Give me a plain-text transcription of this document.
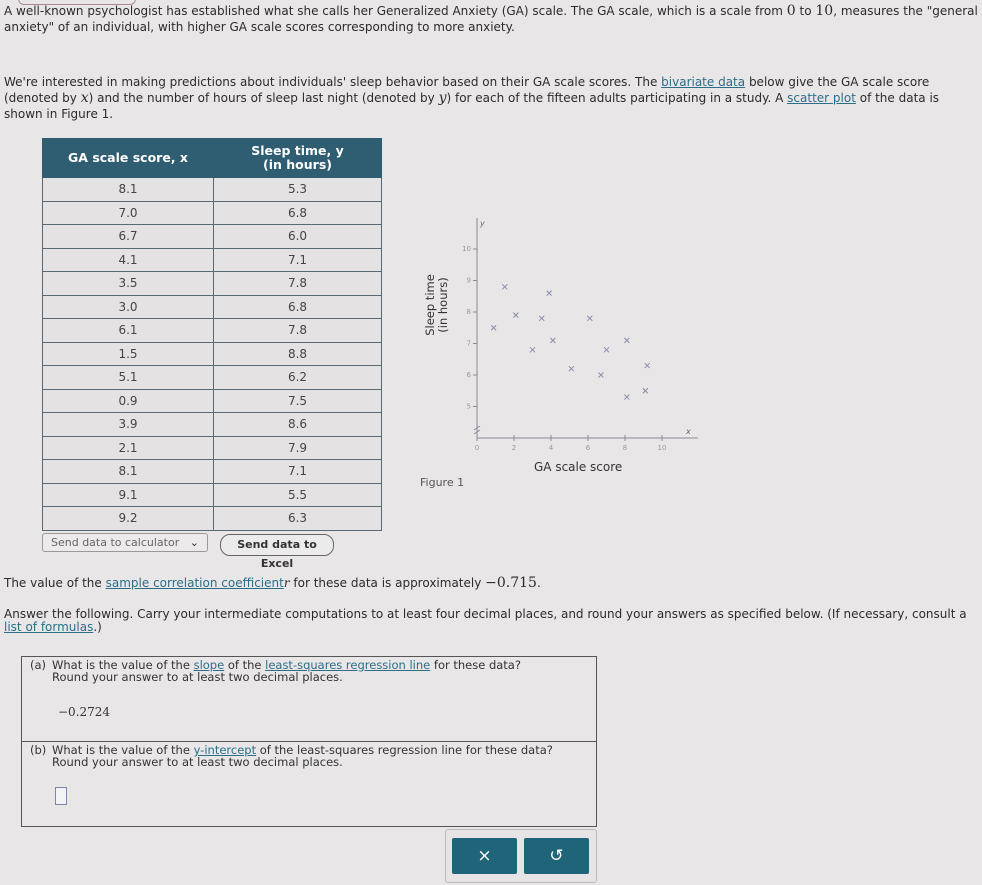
A well-known psychologist has established what she calls her Generalized Anxiety (GA) scale. The GA scale, which is a scale from 0 to 10, measures the "general
anxiety" of an individual, with higher GA scale scores corresponding to more anxiety.
We're interested in making predictions about individuals' sleep behavior based on their GA scale scores. The bivariate data below give the GA scale score
(denoted by x) and the number of hours of sleep last night (denoted by y) for each of the fifteen adults participating in a study. A scatter plot of the data is
shown in Figure 1.
GA scale score, x	Sleep time, y
(in hours)
8.1	5.3
7.0	6.8
6.7	6.0
4.1	7.1
3.5	7.8
3.0	6.8
6.1	7.8
1.5	8.8
5.1	6.2
0.9	7.5
3.9	8.6
2.1	7.9
8.1	7.1
9.1	5.5
9.2	6.3
Send data to calculator ⌄	Send data to Excel
Sleep time
(in hours)
x
y
0	2	4	6	8	10
5
6
7
8
9
10
GA scale score
Figure 1
The value of the sample correlation coefficientr for these data is approximately −0.715.
Answer the following. Carry your intermediate computations to at least four decimal places, and round your answers as specified below. (If necessary, consult a
list of formulas.)
(a) What is the value of the slope of the least-squares regression line for these data?
Round your answer to at least two decimal places.
−0.2724
(b) What is the value of the y-intercept of the least-squares regression line for these data?
Round your answer to at least two decimal places.
×	↺
